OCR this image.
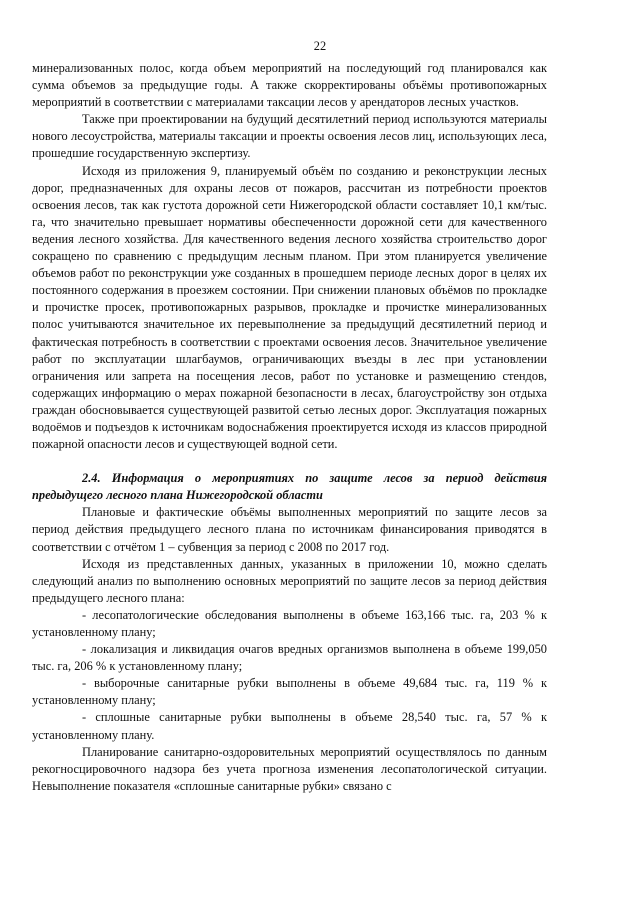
22

минерализованных полос, когда объем мероприятий на последующий год планировался как сумма объемов за предыдущие годы. А также скорректированы объёмы противопожарных мероприятий в соответствии с материалами таксации лесов у арендаторов лесных участков.

Также при проектировании на будущий десятилетний период используются материалы нового лесоустройства, материалы таксации и проекты освоения лесов лиц, использующих леса, прошедшие государственную экспертизу.

Исходя из приложения 9, планируемый объём по созданию и реконструкции лесных дорог, предназначенных для охраны лесов от пожаров, рассчитан из потребности проектов освоения лесов, так как густота дорожной сети Нижегородской области составляет 10,1 км/тыс. га, что значительно превышает нормативы обеспеченности дорожной сети для качественного ведения лесного хозяйства. Для качественного ведения лесного хозяйства строительство дорог сокращено по сравнению с предыдущим лесным планом. При этом планируется увеличение объемов работ по реконструкции уже созданных в прошедшем периоде лесных дорог в целях их постоянного содержания в проезжем состоянии. При снижении плановых объёмов по прокладке и прочистке просек, противопожарных разрывов, прокладке и прочистке минерализованных полос учитываются значительное их перевыполнение за предыдущий десятилетний период и фактическая потребность в соответствии с проектами освоения лесов. Значительное увеличение работ по эксплуатации шлагбаумов, ограничивающих въезды в лес при установлении ограничения или запрета на посещения лесов, работ по установке и размещению стендов, содержащих информацию о мерах пожарной безопасности в лесах, благоустройству зон отдыха граждан обосновывается существующей развитой сетью лесных дорог. Эксплуатация пожарных водоёмов и подъездов к источникам водоснабжения проектируется исходя из классов природной пожарной опасности лесов и существующей водной сети.

2.4. Информация о мероприятиях по защите лесов за период действия предыдущего лесного плана Нижегородской области

Плановые и фактические объёмы выполненных мероприятий по защите лесов за период действия предыдущего лесного плана по источникам финансирования приводятся в соответствии с отчётом 1 – субвенция за период с 2008 по 2017 год.

Исходя из представленных данных, указанных в приложении 10, можно сделать следующий анализ по выполнению основных мероприятий по защите лесов за период действия предыдущего лесного плана:

- лесопатологические обследования выполнены в объеме 163,166 тыс. га, 203 % к установленному плану;

- локализация и ликвидация очагов вредных организмов выполнена в объеме 199,050 тыс. га, 206 % к установленному плану;

- выборочные санитарные рубки выполнены в объеме 49,684 тыс. га, 119 % к установленному плану;

- сплошные санитарные рубки выполнены в объеме 28,540 тыс. га, 57 % к установленному плану.

Планирование санитарно-оздоровительных мероприятий осуществлялось по данным рекогносцировочного надзора без учета прогноза изменения лесопатологической ситуации. Невыполнение показателя «сплошные санитарные рубки» связано с
